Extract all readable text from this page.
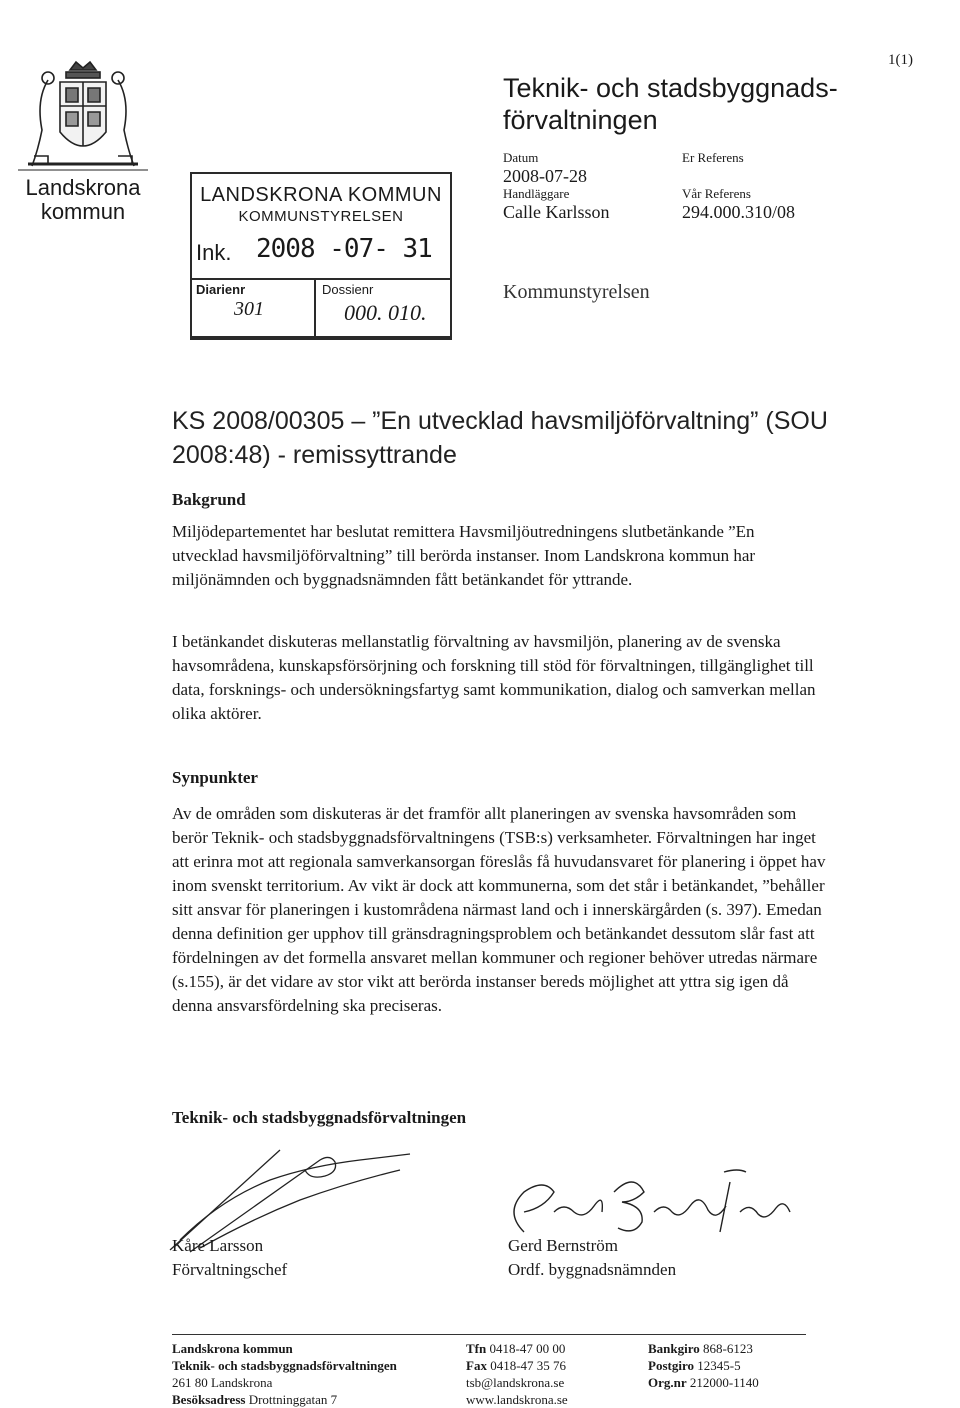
Landskrona kommun
1(1)
Teknik- och stadsbyggnads-förvaltningen
Datum
2008-07-28
Handläggare
Calle Karlsson
Er Referens

Vår Referens
294.000.310/08
Kommunstyrelsen
LANDSKRONA KOMMUN
KOMMUNSTYRELSEN
Ink. 2008 -07- 31
Diarienr	Dossienr
301	000. 010.
KS 2008/00305 – ”En utvecklad havsmiljöförvaltning” (SOU 2008:48) - remissyttrande
Bakgrund
Miljödepartementet har beslutat remittera Havsmiljöutredningens slutbetänkande ”En utvecklad havsmiljöförvaltning” till berörda instanser. Inom Landskrona kommun har miljönämnden och byggnadsnämnden fått betänkandet för yttrande.
I betänkandet diskuteras mellanstatlig förvaltning av havsmiljön, planering av de svenska havsområdena, kunskapsförsörjning och forskning till stöd för förvaltningen, tillgänglighet till data, forsknings- och undersökningsfartyg samt kommunikation, dialog och samverkan mellan olika aktörer.
Synpunkter
Av de områden som diskuteras är det framför allt planeringen av svenska havsområden som berör Teknik- och stadsbyggnadsförvaltningens (TSB:s) verksamheter. Förvaltningen har inget att erinra mot att regionala samverkansorgan föreslås få huvudansvaret för planering i öppet hav inom svenskt territorium. Av vikt är dock att kommunerna, som det står i betänkandet, ”behåller sitt ansvar för planeringen i kustområdena närmast land och i innerskärgården (s. 397). Emedan denna definition ger upphov till gränsdragningsproblem och betänkandet dessutom slår fast att fördelningen av det formella ansvaret mellan kommuner och regioner behöver utredas närmare (s.155), är det vidare av stor vikt att berörda instanser bereds möjlighet att yttra sig igen då denna ansvarsfördelning ska preciseras.
Teknik- och stadsbyggnadsförvaltningen
Kåre Larsson
Förvaltningschef
Gerd Bernström
Ordf. byggnadsnämnden
Landskrona kommun
Teknik- och stadsbyggnadsförvaltningen
261 80 Landskrona
Besöksadress Drottninggatan 7
Tfn 0418-47 00 00
Fax 0418-47 35 76
tsb@landskrona.se
www.landskrona.se
Bankgiro 868-6123
Postgiro 12345-5
Org.nr 212000-1140
